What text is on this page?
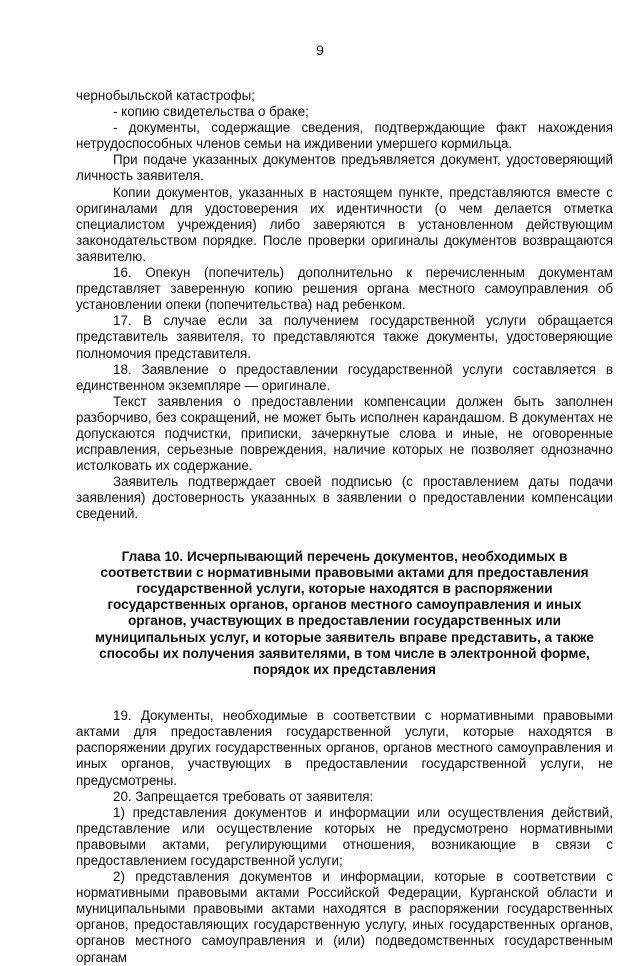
9

чернобыльской катастрофы;

- копию свидетельства о браке;

- документы, содержащие сведения, подтверждающие факт нахождения нетрудоспособных членов семьи на иждивении умершего кормильца.

При подаче указанных документов предъявляется документ, удостоверяющий личность заявителя.

Копии документов, указанных в настоящем пункте, представляются вместе с оригиналами для удостоверения их идентичности (о чем делается отметка специалистом учреждения) либо заверяются в установленном действующим законодательством порядке. После проверки оригиналы документов возвращаются заявителю.

16. Опекун (попечитель) дополнительно к перечисленным документам представляет заверенную копию решения органа местного самоуправления об установлении опеки (попечительства) над ребенком.

17. В случае если за получением государственной услуги обращается представитель заявителя, то представляются также документы, удостоверяющие полномочия представителя.

18. Заявление о предоставлении государственной услуги составляется в единственном экземпляре — оригинале.

Текст заявления о предоставлении компенсации должен быть заполнен разборчиво, без сокращений, не может быть исполнен карандашом. В документах не допускаются подчистки, приписки, зачеркнутые слова и иные, не оговоренные исправления, серьезные повреждения, наличие которых не позволяет однозначно истолковать их содержание.

Заявитель подтверждает своей подписью (с проставлением даты подачи заявления) достоверность указанных в заявлении о предоставлении компенсации сведений.

Глава 10. Исчерпывающий перечень документов, необходимых в соответствии с нормативными правовыми актами для предоставления государственной услуги, которые находятся в распоряжении государственных органов, органов местного самоуправления и иных органов, участвующих в предоставлении государственных или муниципальных услуг, и которые заявитель вправе представить, а также способы их получения заявителями, в том числе в электронной форме, порядок их представления

19. Документы, необходимые в соответствии с нормативными правовыми актами для предоставления государственной услуги, которые находятся в распоряжении других государственных органов, органов местного самоуправления и иных органов, участвующих в предоставлении государственной услуги, не предусмотрены.

20. Запрещается требовать от заявителя:

1) представления документов и информации или осуществления действий, представление или осуществление которых не предусмотрено нормативными правовыми актами, регулирующими отношения, возникающие в связи с предоставлением государственной услуги;

2) представления документов и информации, которые в соответствии с нормативными правовыми актами Российской Федерации, Курганской области и муниципальными правовыми актами находятся в распоряжении государственных органов, предоставляющих государственную услугу, иных государственных органов, органов местного самоуправления и (или) подведомственных государственным органам
